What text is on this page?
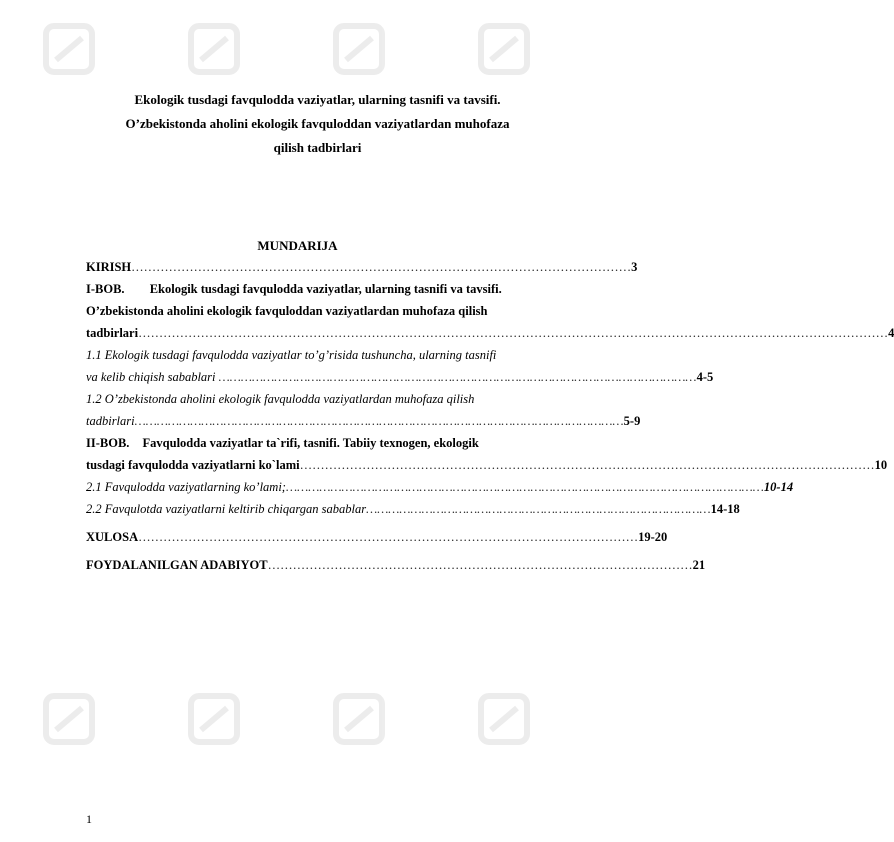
Ekologik tusdagi favqulodda vaziyatlar, ularning tasnifi va tavsifi.
O’zbekistonda aholini ekologik favquloddan vaziyatlardan muhofaza
qilish tadbirlari
MUNDARIJA
KIRISH ………………………………………………………………………………………………………… 3
I-BOB. Ekologik tusdagi favqulodda vaziyatlar, ularning tasnifi va tavsifi.
O’zbekistonda aholini ekologik favquloddan vaziyatlardan muhofaza qilish
tadbirlari ……………………………………………………………………………………………………………………………………………………………… 4
1.1 Ekologik tusdagi favqulodda vaziyatlar to’g’risida tushuncha, ularning tasnifi
va kelib chiqish sabablari ………………………………………………………………………………………………………………… 4-5
1.2 O’zbekistonda aholini ekologik favqulodda vaziyatlardan muhofaza qilish
tadbirlari …………………………………………………………………………………………………………………… 5-9
II-BOB. Favqulodda vaziyatlar ta`rifi, tasnifi. Tabiiy texnogen, ekologik
tusdagi favqulodda vaziyatlarni ko`lami ………………………………………………………………………………………………………………………… 10
2.1 Favqulodda vaziyatlarning ko’lami; ………………………………………………………………………………………………………………… 10-14
2.2 Favqulotda vaziyatlarni keltirib chiqargan sabablar ………………………………………………………………………………… 14-18
XULOSA ………………………………………………………………………………………………………… 19-20
FOYDALANILGAN ADABIYOT ………………………………………………………………………………………… 21
1
